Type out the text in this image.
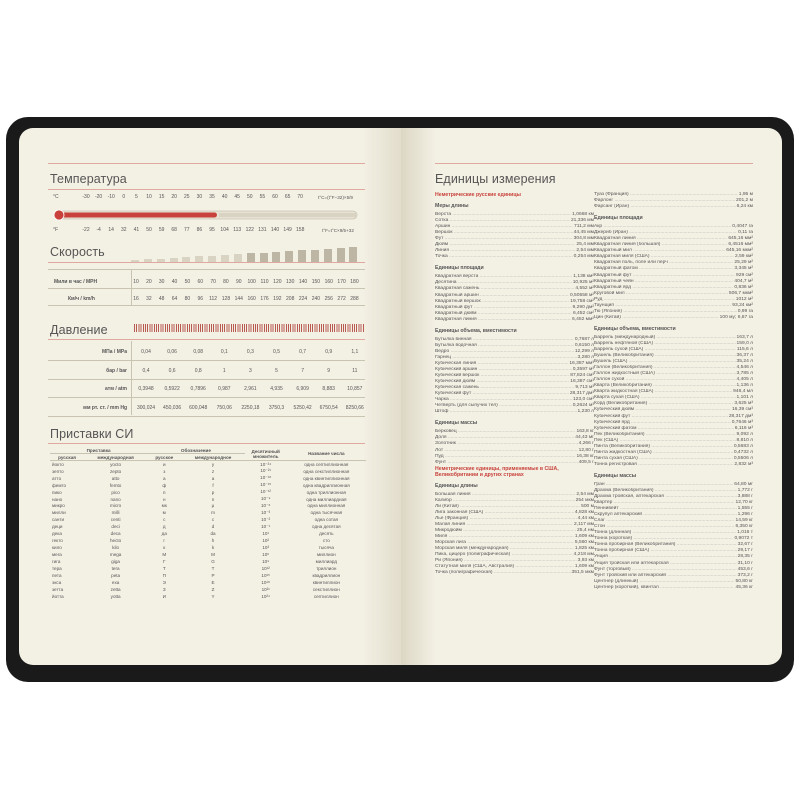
Температура
°C	-30 -20 -10 0 5 10 15 20 25 30 35 40 45 50 55 60 65 70	t°C=(t°F−32)×5/9
°F	-22 -4 14 32 41 50 59 68 77 86 95 104 113 122 131 140 149 158	t°F=t°C×9/5+32
Скорость
Мили в час / MPH	10 20 30 40 50 60 70 80 90 100 110 120 130 140 150 160 170 180
Км/ч / km/h	16 32 48 64 80 96 112 128 144 160 176 192 208 224 240 256 272 288
Давление
МПа / MPa	0,04	0,06	0,08	0,1	0,3	0,5	0,7	0,9	1,1
бар / bar	0,4	0,6	0,8	1	3	5	7	9	11
атм / atm 0,3948 0,5922 0,7896 0,987	2,961	4,935	6,909	8,883 10,857
мм рт. ст. / mm Hg 300,024 450,036 600,048 750,06 2250,18 3750,3 5250,42 6750,54 8250,66
Приставки СИ
Приставка		Обозначение		Десятичный множитель	Название числа
русская	международная	русское	международное		
йокто	yocto	и	y	10⁻²⁴	одна септиллионная
зепто	zepto	з	z	10⁻²¹	одна секстиллионная
атто	atto	а	a	10⁻¹⁸	одна квинтиллионная
фемто	femto	ф	f	10⁻¹⁵	одна квадриллионная
пико	pico	п	p	10⁻¹²	одна триллионная
нано	nano	н	n	10⁻⁹	одна миллиардная
микро	micro	мк	μ	10⁻⁶	одна миллионная
милли	milli	м	m	10⁻³	одна тысячная
санти	centi	с	c	10⁻²	одна сотая
деци	deci	д	d	10⁻¹	одна десятая
дека	deca	да	da	10¹	десять
гекто	hecto	г	h	10²	сто
кило	kilo	к	k	10³	тысяча
мега	mega	М	M	10⁶	миллион
гига	giga	Г	G	10⁹	миллиард
тера	tera	Т	T	10¹²	триллион
пета	peta	П	P	10¹⁵	квадриллион
экса	exa	Э	E	10¹⁸	квинтиллион
зетта	zetta	З	Z	10²¹	секстиллион
йотта	yotta	И	Y	10²⁴	септиллион
Единицы измерения
Неметрические русские единицы
Меры длины
Верста .....	1,0668 км
Сотка .....	21,336 мм
Аршин .....	711,2 мм
Вершок .....	44,45 мм
Фут .....	304,8 мм
Дюйм .....	25,4 мм
Линия .....	2,54 мм
Точка .....	0,254 мм
Единицы площади
Квадратная верста .....	1,138 км²
Десятина .....	10,925 м²
Квадратная сажень .....	4,552 м²
Квадратный аршин .....	0,50558 м²
Квадратный вершок .....	19,758 см²
Квадратный фут .....	9,290 дм²
Квадратный дюйм .....	6,452 см²
Квадратная линия .....	6,452 мм²
Единицы объема, вместимости
Бутылка винная .....	0,7687 л
Бутылка водочная .....	0,6150 л
Ведро .....	12,299 л
Гарнец .....	3,280 л
Кубическая линия .....	16,387 мм³
Кубический аршин .....	0,3597 м³
Кубический вершок .....	87,824 см³
Кубический дюйм .....	16,387 см³
Кубическая сажень .....	9,713 м³
Кубический фут .....	28,317 дм³
Чарка .....	123,0 см³
Четверть (для сыпучих тел) .....	0,2624 м³
Штоф .....	1,230 л
Единицы массы
Берковец .....	163,8 кг
Доля .....	44,43 мг
Золотник .....	4,266 г
Лот .....	12,80 г
Пуд .....	16,38 кг
Фунт .....	409,5 г
Неметрические единицы, применяемые в США, Великобритании и других странах
Единицы длины
Большая линия .....	2,54 мм
Калибр .....	254 мкм
Ли (Китай) .....	500 м
Лига законная (США) .....	4,828 км
Лье (Франция) .....	4,44 км
Малая линия .....	2,117 мм
Микродюйм .....	25,4 нм
Миля .....	1,609 км
Морская лига .....	5,560 км
Морская миля (международная) .....	1,825 км
Пика, цицеро (полиграфическая) .....	4,218 мм
Ри (Япония) .....	3,93 км
Статутная миля (США, Австралия) .....	1,609 км
Точка (полиграфическая) .....	351,5 мкм
Туаз (Франция) .....	1,95 м
Фарлонг .....	201,2 м
Фарсанг (Иран) .....	6,24 км
Единицы площади
Акр .....	0,4047 га
Джериб (Иран) .....	0,11 га
Квадратная линия .....	645,16 мм²
Квадратная линия (большая) .....	6,4516 мм²
Квадратный мил .....	645,16 мкм²
Квадратная миля (США) .....	2,59 км²
Квадратная поль, поле или перч .....	25,29 м²
Квадратный фатом .....	3,345 м²
Квадратный фут .....	929 см²
Квадратный чейн .....	404,7 м²
Квадратный ярд .....	0,836 м²
Круговой мил .....	506,7 мкм²
Руд .....	1012 м²
Таунщип .....	93,24 км²
Тю (Япония) .....	0,99 га
Цин (Китай) .....	100 му; 6,67 га
Единицы объема, вместимости
Баррель (международный) .....	163,7 л
Баррель нефтяной (США) .....	159,0 л
Баррель сухой (США) .....	115,6 л
Бушель (Великобритания) .....	36,37 л
Бушель (США) .....	35,24 л
Галлон (Великобритания) .....	4,546 л
Галлон жидкостный (США) .....	3,785 л
Галлон сухой .....	4,405 л
Кварта (Великобритания) .....	1,136 л
Кварта жидкостная (США) .....	946,4 мл
Кварта сухая (США) .....	1,101 л
Корд (Великобритания) .....	3,625 м³
Кубический дюйм .....	16,39 см³
Кубический фут .....	28,317 дм³
Кубический ярд .....	0,7646 м³
Кубический фатом .....	6,116 м³
Пек (Великобритания) .....	9,092 л
Пек (США) .....	8,810 л
Пинта (Великобритания) .....	0,5683 л
Пинта жидкостная (США) .....	0,4732 л
Пинта сухая (США) .....	0,5506 л
Тонна регистровая .....	2,832 м³
Единицы массы
Гран .....	64,80 мг
Драхма (Великобритания) .....	1,772 г
Драхма тройская, аптекарская .....	3,888 г
Квартер .....	12,70 кг
Пеннивейт .....	1,555 г
Скрупул аптекарский .....	1,296 г
Слаг .....	14,59 кг
Стон .....	6,350 кг
Тонна (длинная) .....	1,016 т
Тонна (короткая) .....	0,9072 т
Тонна пробирная (Великобритания) .....	32,67 г
Тонна пробирная (США) .....	29,17 г
Унция .....	28,35 г
Унция тройская или аптекарская .....	31,10 г
Фунт (торговый) .....	453,6 г
Фунт тройский или аптекарский .....	373,2 г
Центнер (длинный) .....	50,80 кг
Центнер (короткий), квинтал .....	45,36 кг
